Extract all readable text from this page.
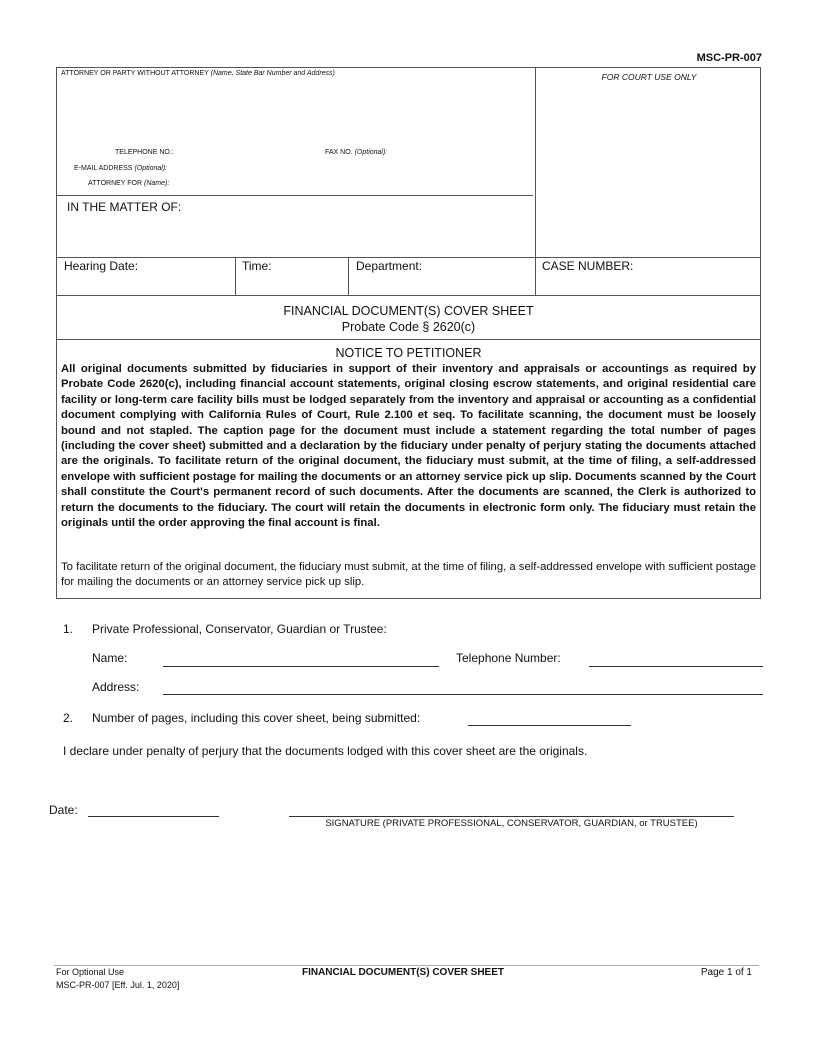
MSC-PR-007
ATTORNEY OR PARTY WITHOUT ATTORNEY (Name, State Bar Number and Address)	FOR COURT USE ONLY
TELEPHONE NO.:	FAX NO. (Optional):
E-MAIL ADDRESS (Optional):
ATTORNEY FOR (Name):
IN THE MATTER OF:
Hearing Date:	Time:	Department:	CASE NUMBER:
FINANCIAL DOCUMENT(S) COVER SHEET
Probate Code § 2620(c)
NOTICE TO PETITIONER
All original documents submitted by fiduciaries in support of their inventory and appraisals or accountings as required by Probate Code 2620(c), including financial account statements, original closing escrow statements, and original residential care facility or long-term care facility bills must be lodged separately from the inventory and appraisal or accounting as a confidential document complying with California Rules of Court, Rule 2.100 et seq. To facilitate scanning, the document must be loosely bound and not stapled. The caption page for the document must include a statement regarding the total number of pages (including the cover sheet) submitted and a declaration by the fiduciary under penalty of perjury stating the documents attached are the originals. To facilitate return of the original document, the fiduciary must submit, at the time of filing, a self-addressed envelope with sufficient postage for mailing the documents or an attorney service pick up slip. Documents scanned by the Court shall constitute the Court's permanent record of such documents. After the documents are scanned, the Clerk is authorized to return the documents to the fiduciary. The court will retain the documents in electronic form only. The fiduciary must retain the originals until the order approving the final account is final.
To facilitate return of the original document, the fiduciary must submit, at the time of filing, a self-addressed envelope with sufficient postage for mailing the documents or an attorney service pick up slip.
1. Private Professional, Conservator, Guardian or Trustee:
Name:	Telephone Number:
Address:
2. Number of pages, including this cover sheet, being submitted:
I declare under penalty of perjury that the documents lodged with this cover sheet are the originals.
Date:
SIGNATURE (PRIVATE PROFESSIONAL, CONSERVATOR, GUARDIAN, or TRUSTEE)
For Optional Use
MSC-PR-007 [Eff. Jul. 1, 2020]
FINANCIAL DOCUMENT(S) COVER SHEET	Page 1 of 1
